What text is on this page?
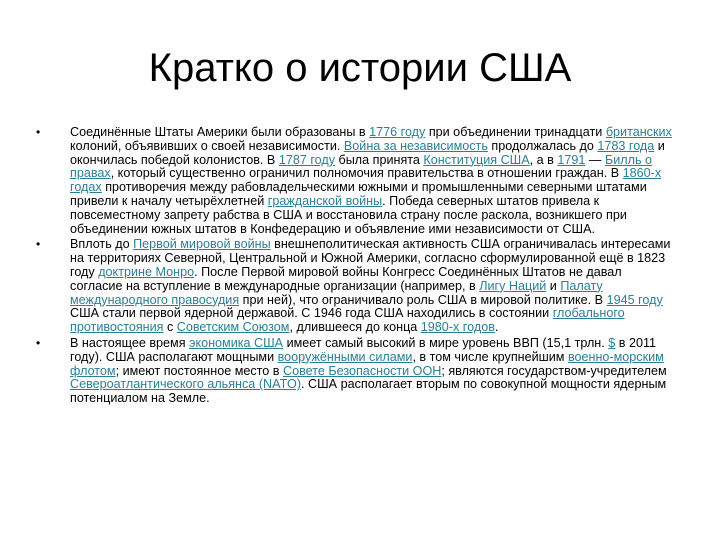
Кратко о истории США
•	Соединённые Штаты Америки были образованы в 1776 году при объединении тринадцати британских колоний, объявивших о своей независимости. Война за независимость продолжалась до 1783 года и окончилась победой колонистов. В 1787 году была принята Конституция США, а в 1791 — Билль о правах, который существенно ограничил полномочия правительства в отношении граждан. В 1860-х годах противоречия между рабовладельческими южными и промышленными северными штатами привели к началу четырёхлетней гражданской войны. Победа северных штатов привела к повсеместному запрету рабства в США и восстановила страну после раскола, возникшего при объединении южных штатов в Конфедерацию и объявление ими независимости от США.
•	Вплоть до Первой мировой войны внешнеполитическая активность США ограничивалась интересами на территориях Северной, Центральной и Южной Америки, согласно сформулированной ещё в 1823 году доктрине Монро. После Первой мировой войны Конгресс Соединённых Штатов не давал согласие на вступление в международные организации (например, в Лигу Наций и Палату международного правосудия при ней), что ограничивало роль США в мировой политике. В 1945 году США стали первой ядерной державой. С 1946 года США находились в состоянии глобального противостояния с Советским Союзом, длившееся до конца 1980-х годов.
•	В настоящее время экономика США имеет самый высокий в мире уровень ВВП (15,1 трлн. $ в 2011 году). США располагают мощными вооружёнными силами, в том числе крупнейшим военно-морским флотом; имеют постоянное место в Совете Безопасности ООН; являются государством-учредителем Североатлантического альянса (NATO). США располагает вторым по совокупной мощности ядерным потенциалом на Земле.
